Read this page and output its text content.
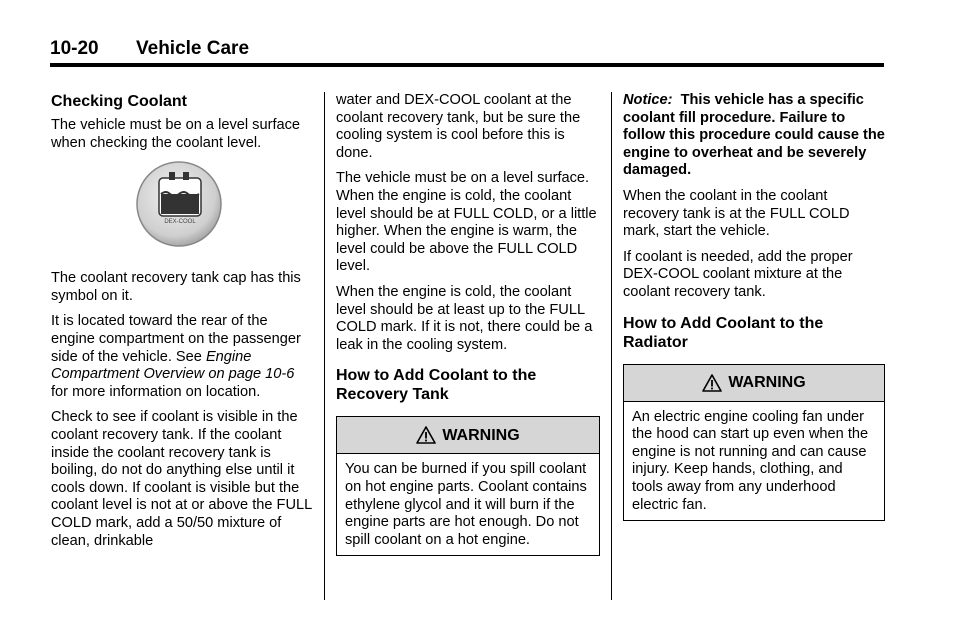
10-20 Vehicle Care
Checking Coolant

The vehicle must be on a level surface when checking the coolant level.

DEX-COOL

The coolant recovery tank cap has this symbol on it.

It is located toward the rear of the engine compartment on the passenger side of the vehicle. See Engine Compartment Overview on page 10-6 for more information on location.

Check to see if coolant is visible in the coolant recovery tank. If the coolant inside the coolant recovery tank is boiling, do not do anything else until it cools down. If coolant is visible but the coolant level is not at or above the FULL COLD mark, add a 50/50 mixture of clean, drinkable

water and DEX-COOL coolant at the coolant recovery tank, but be sure the cooling system is cool before this is done.

The vehicle must be on a level surface. When the engine is cold, the coolant level should be at FULL COLD, or a little higher. When the engine is warm, the level could be above the FULL COLD level.

When the engine is cold, the coolant level should be at least up to the FULL COLD mark. If it is not, there could be a leak in the cooling system.

How to Add Coolant to the Recovery Tank
WARNING

You can be burned if you spill coolant on hot engine parts. Coolant contains ethylene glycol and it will burn if the engine parts are hot enough. Do not spill coolant on a hot engine.

Notice: This vehicle has a specific coolant fill procedure. Failure to follow this procedure could cause the engine to overheat and be severely damaged.

When the coolant in the coolant recovery tank is at the FULL COLD mark, start the vehicle.

If coolant is needed, add the proper DEX-COOL coolant mixture at the coolant recovery tank.

How to Add Coolant to the Radiator
WARNING

An electric engine cooling fan under the hood can start up even when the engine is not running and can cause injury. Keep hands, clothing, and tools away from any underhood electric fan.
